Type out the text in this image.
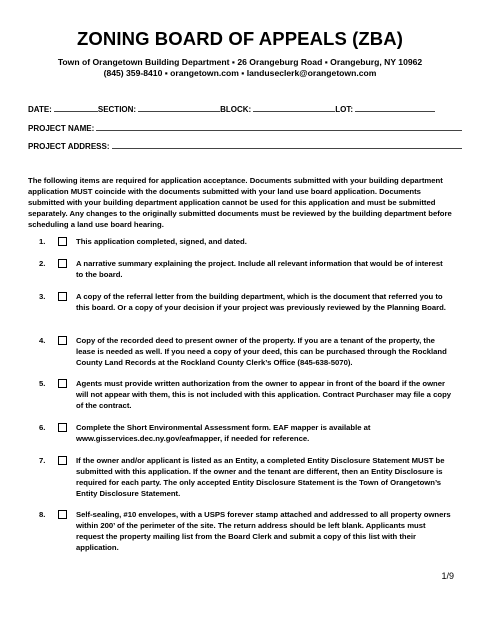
ZONING BOARD OF APPEALS (ZBA)
Town of Orangetown Building Department ▪ 26 Orangeburg Road ▪ Orangeburg, NY 10962
(845) 359-8410 ▪ orangetown.com ▪ landuseclerk@orangetown.com
DATE:	SECTION:	BLOCK:	LOT:
PROJECT NAME:
PROJECT ADDRESS:
The following items are required for application acceptance. Documents submitted with your building department application MUST coincide with the documents submitted with your land use board application. Documents submitted with your building department application cannot be used for this application and must be submitted separately. Any changes to the originally submitted documents must be reviewed by the building department before scheduling a land use board hearing.
1.	This application completed, signed, and dated.
2.	A narrative summary explaining the project. Include all relevant information that would be of interest to the board.
3.	A copy of the referral letter from the building department, which is the document that referred you to this board. Or a copy of your decision if your project was previously reviewed by the Planning Board.
4.	Copy of the recorded deed to present owner of the property. If you are a tenant of the property, the lease is needed as well. If you need a copy of your deed, this can be purchased through the Rockland County Land Records at the Rockland County Clerk’s Office (845-638-5070).
5.	Agents must provide written authorization from the owner to appear in front of the board if the owner will not appear with them, this is not included with this application. Contract Purchaser may file a copy of the contract.
6.	Complete the Short Environmental Assessment form. EAF mapper is available at www.gisservices.dec.ny.gov/eafmapper, if needed for reference.
7.	If the owner and/or applicant is listed as an Entity, a completed Entity Disclosure Statement MUST be submitted with this application. If the owner and the tenant are different, then an Entity Disclosure is required for each party. The only accepted Entity Disclosure Statement is the Town of Orangetown’s Entity Disclosure Statement.
8.	Self-sealing, #10 envelopes, with a USPS forever stamp attached and addressed to all property owners within 200’ of the perimeter of the site. The return address should be left blank. Applicants must request the property mailing list from the Board Clerk and submit a copy of this list with their application.
1/9
